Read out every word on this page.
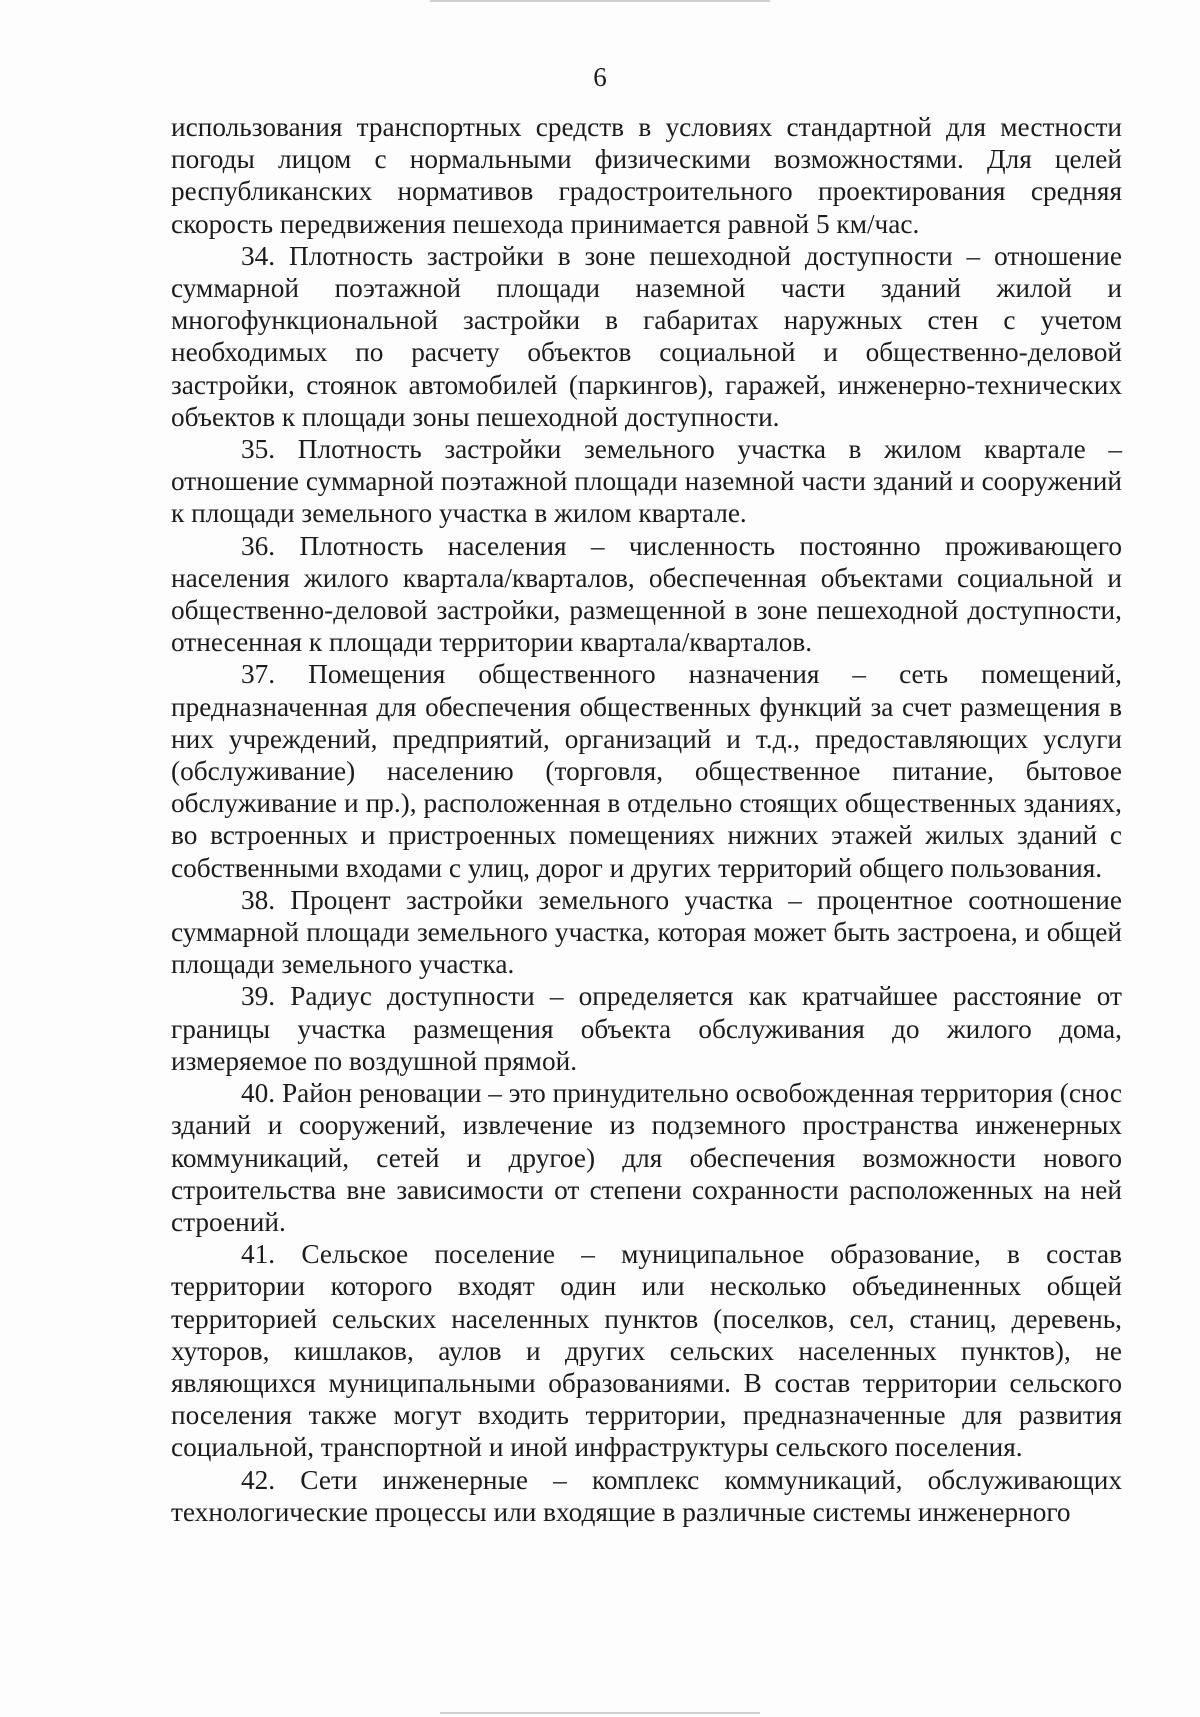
6

использования транспортных средств в условиях стандартной для местности погоды лицом с нормальными физическими возможностями. Для целей республиканских нормативов градостроительного проектирования средняя скорость передвижения пешехода принимается равной 5 км/час.

34. Плотность застройки в зоне пешеходной доступности – отношение суммарной поэтажной площади наземной части зданий жилой и многофункциональной застройки в габаритах наружных стен с учетом необходимых по расчету объектов социальной и общественно-деловой застройки, стоянок автомобилей (паркингов), гаражей, инженерно-технических объектов к площади зоны пешеходной доступности.

35. Плотность застройки земельного участка в жилом квартале – отношение суммарной поэтажной площади наземной части зданий и сооружений к площади земельного участка в жилом квартале.

36. Плотность населения – численность постоянно проживающего населения жилого квартала/кварталов, обеспеченная объектами социальной и общественно-деловой застройки, размещенной в зоне пешеходной доступности, отнесенная к площади территории квартала/кварталов.

37. Помещения общественного назначения – сеть помещений, предназначенная для обеспечения общественных функций за счет размещения в них учреждений, предприятий, организаций и т.д., предоставляющих услуги (обслуживание) населению (торговля, общественное питание, бытовое обслуживание и пр.), расположенная в отдельно стоящих общественных зданиях, во встроенных и пристроенных помещениях нижних этажей жилых зданий с собственными входами с улиц, дорог и других территорий общего пользования.

38. Процент застройки земельного участка – процентное соотношение суммарной площади земельного участка, которая может быть застроена, и общей площади земельного участка.

39. Радиус доступности – определяется как кратчайшее расстояние от границы участка размещения объекта обслуживания до жилого дома, измеряемое по воздушной прямой.

40. Район реновации – это принудительно освобожденная территория (снос зданий и сооружений, извлечение из подземного пространства инженерных коммуникаций, сетей и другое) для обеспечения возможности нового строительства вне зависимости от степени сохранности расположенных на ней строений.

41. Сельское поселение – муниципальное образование, в состав территории которого входят один или несколько объединенных общей территорией сельских населенных пунктов (поселков, сел, станиц, деревень, хуторов, кишлаков, аулов и других сельских населенных пунктов), не являющихся муниципальными образованиями. В состав территории сельского поселения также могут входить территории, предназначенные для развития социальной, транспортной и иной инфраструктуры сельского поселения.

42. Сети инженерные – комплекс коммуникаций, обслуживающих технологические процессы или входящие в различные системы инженерного
